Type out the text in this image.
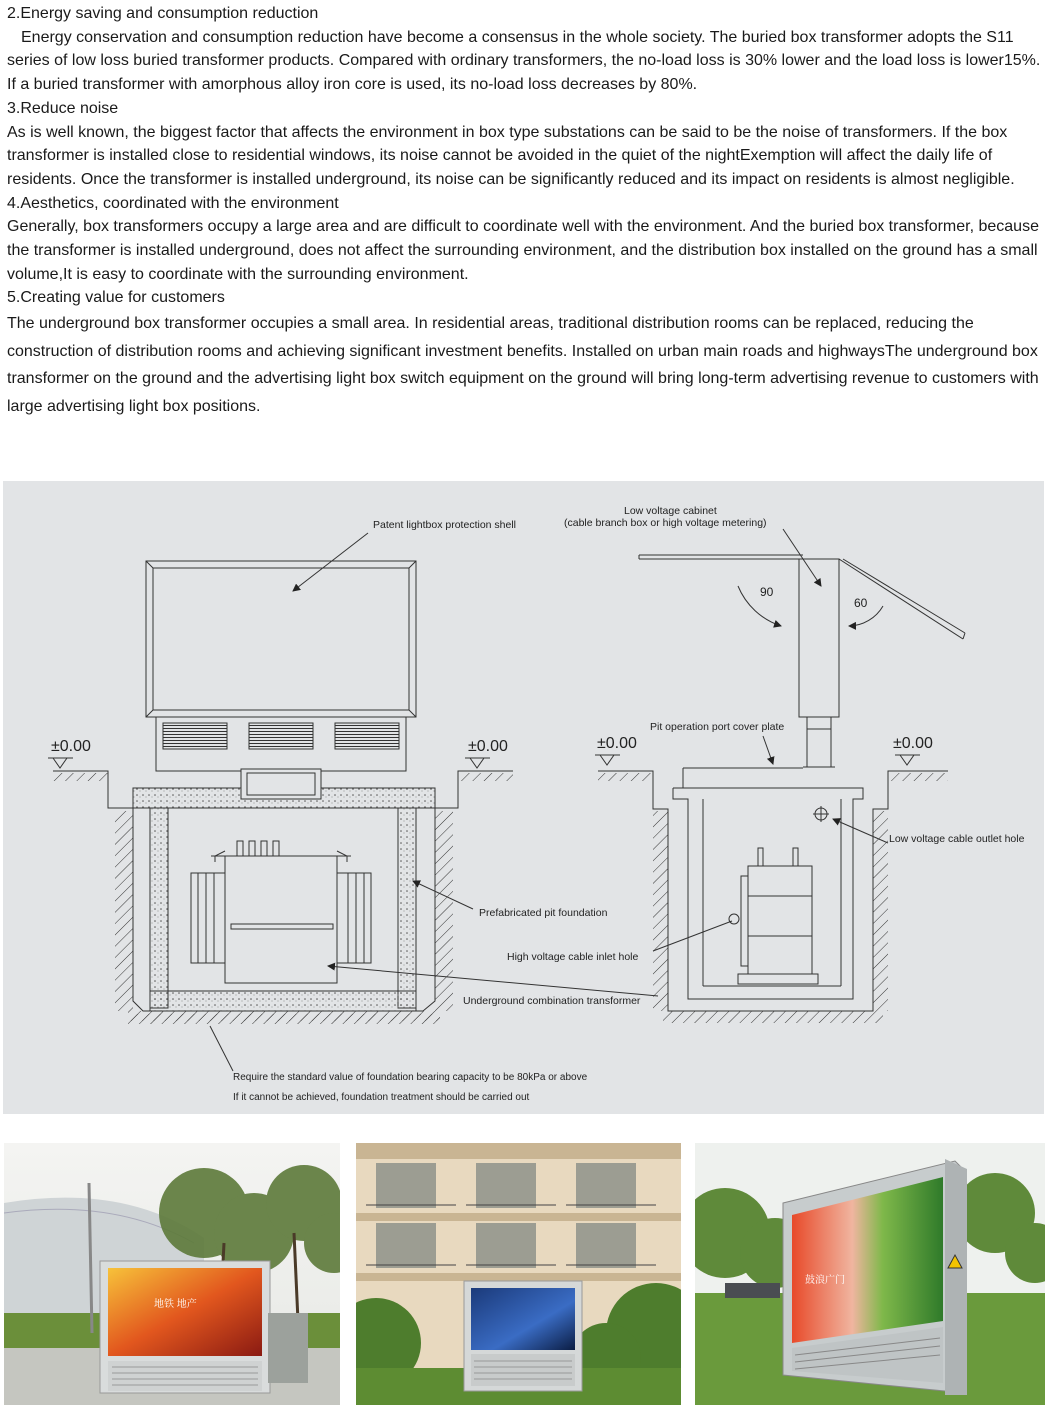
2.Energy saving and consumption reduction

Energy conservation and consumption reduction have become a consensus in the whole society. The buried box transformer adopts the S11 series of low loss buried transformer products. Compared with ordinary transformers, the no-load loss is 30% lower and the load loss is lower15%. If a buried transformer with amorphous alloy iron core is used, its no-load loss decreases by 80%.

3.Reduce noise

As is well known, the biggest factor that affects the environment in box type substations can be said to be the noise of transformers. If the box transformer is installed close to residential windows, its noise cannot be avoided in the quiet of the nightExemption will affect the daily life of residents. Once the transformer is installed underground, its noise can be significantly reduced and its impact on residents is almost negligible.

4.Aesthetics, coordinated with the environment

Generally, box transformers occupy a large area and are difficult to coordinate well with the environment. And the buried box transformer, because the transformer is installed underground, does not affect the surrounding environment, and the distribution box installed on the ground has a small volume,It is easy to coordinate with the surrounding environment.

5.Creating value for customers

The underground box transformer occupies a small area. In residential areas, traditional distribution rooms can be replaced, reducing the construction of distribution rooms and achieving significant investment benefits. Installed on urban main roads and highwaysThe underground box transformer on the ground and the advertising light box switch equipment on the ground will bring long-term advertising revenue to customers with large advertising light box positions.

Patent lightbox protection shell
Low voltage cabinet
(cable branch box or high voltage metering)
90
60
Pit operation port cover plate
Low voltage cable outlet hole
Prefabricated pit foundation
High voltage cable inlet hole
Underground combination transformer
Require the standard value of foundation bearing capacity to be 80kPa or above
If it cannot be achieved, foundation treatment should be carried out
±0.00	±0.00	±0.00	±0.00
地铁 地产
鼓浪广门
